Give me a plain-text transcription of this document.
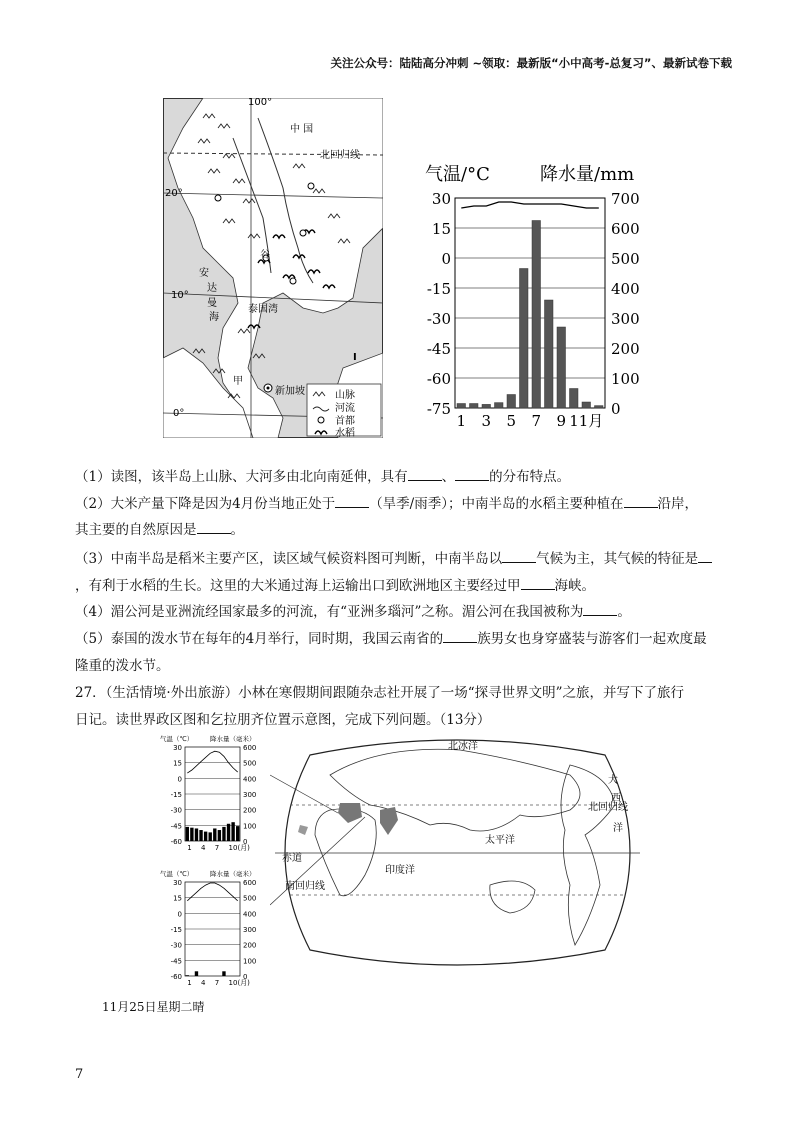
关注公众号：陆陆高分冲刺 ~领取：最新版“小中高考-总复习”、最新试卷下载
中 国
北回归线
100°
20°
10°
0°
安
达
曼
海
泰国湾
谷
甲
新加坡
I
山脉
河流
首都
水稻
气温/°C	降水量/mm
30	700
15	600
0	500
-15	400
-30	300
-45	200
-60	100
-75	0
1 3 5 7 9 11月
（1）读图，该半岛上山脉、大河多由北向南延伸，具有	、	的分布特点。
（2）大米产量下降是因为4月份当地正处于	（旱季/雨季）；中南半岛的水稻主要种植在	沿岸，
其主要的自然原因是	。
（3）中南半岛是稻米主要产区，读区域气候资料图可判断，中南半岛以	气候为主，其气候的特征是
，有利于水稻的生长。这里的大米通过海上运输出口到欧洲地区主要经过甲	海峡。
（4）湄公河是亚洲流经国家最多的河流，有“亚洲多瑙河”之称。湄公河在我国被称为	。
（5）泰国的泼水节在每年的4月举行，同时期，我国云南省的	族男女也身穿盛装与游客们一起欢度最
隆重的泼水节。
27．（生活情境·外出旅游）小林在寒假期间跟随杂志社开展了一场“探寻世界文明”之旅，并写下了旅行
日记。读世界政区图和乞拉朋齐位置示意图，完成下列问题。（13分）
气温（℃）	降水量（毫米）
30	600
15	500
0	400
-15	300
-30	200
-45	100
-60	0
1 4 7 10(月)
气温（℃）	降水量（毫米）
30	600
15	500
0	400
-15	300
-30	200
-45	100
-60	0
1 4 7 10(月)
北冰洋
太平洋
印度洋
北回归线
赤道
南回归线
大
西
洋
11月25日星期二晴
7
